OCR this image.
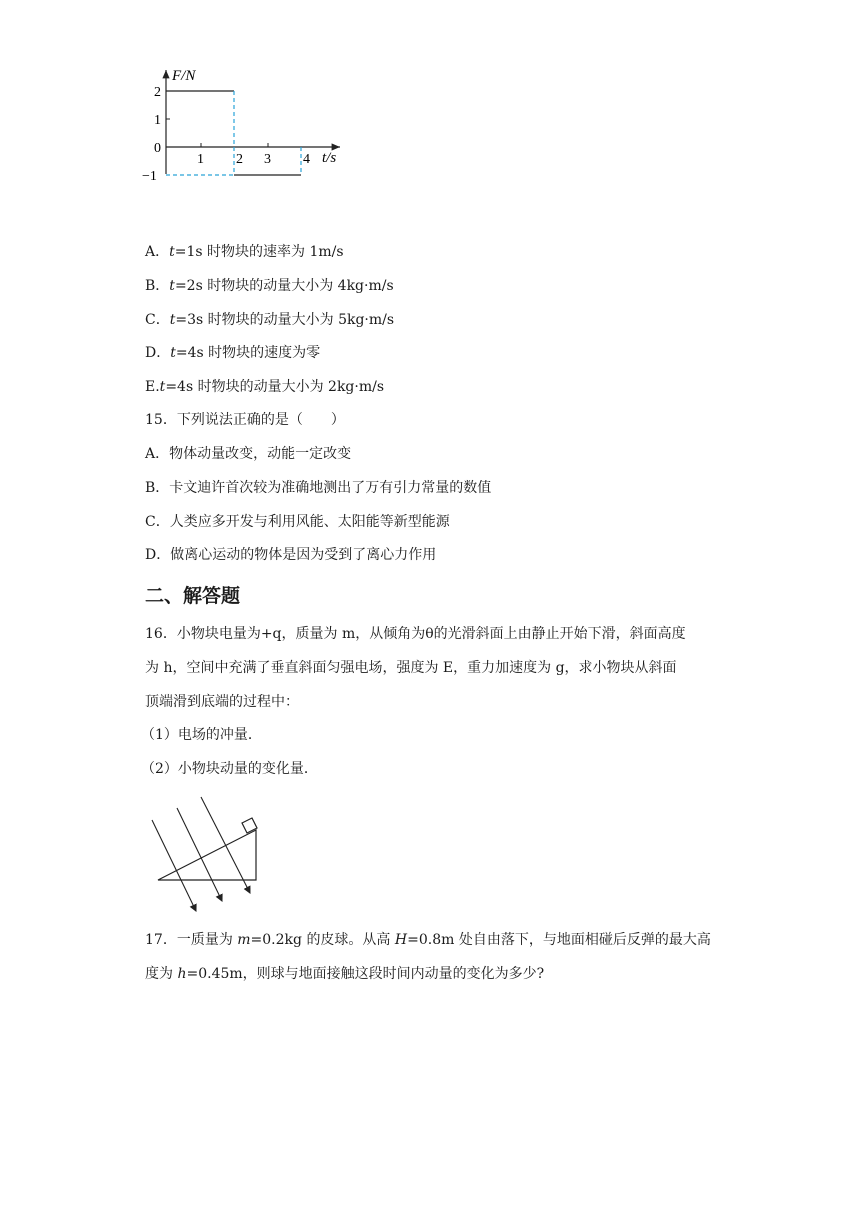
F/N
t/s
2
1
0
−1
1 2 3 4
A．t=1s 时物块的速率为 1m/s
B．t=2s 时物块的动量大小为 4kg·m/s
C．t=3s 时物块的动量大小为 5kg·m/s
D．t=4s 时物块的速度为零
E.t=4s 时物块的动量大小为 2kg·m/s
15．下列说法正确的是（　　）
A．物体动量改变，动能一定改变
B．卡文迪许首次较为准确地测出了万有引力常量的数值
C．人类应多开发与利用风能、太阳能等新型能源
D．做离心运动的物体是因为受到了离心力作用
二、解答题
16．小物块电量为+q，质量为 m，从倾角为θ的光滑斜面上由静止开始下滑，斜面高度
为 h，空间中充满了垂直斜面匀强电场，强度为 E，重力加速度为 g，求小物块从斜面
顶端滑到底端的过程中：
（1）电场的冲量．
（2）小物块动量的变化量．
17．一质量为 m=0.2kg 的皮球。从高 H=0.8m 处自由落下，与地面相碰后反弹的最大高
度为 h=0.45m，则球与地面接触这段时间内动量的变化为多少?
